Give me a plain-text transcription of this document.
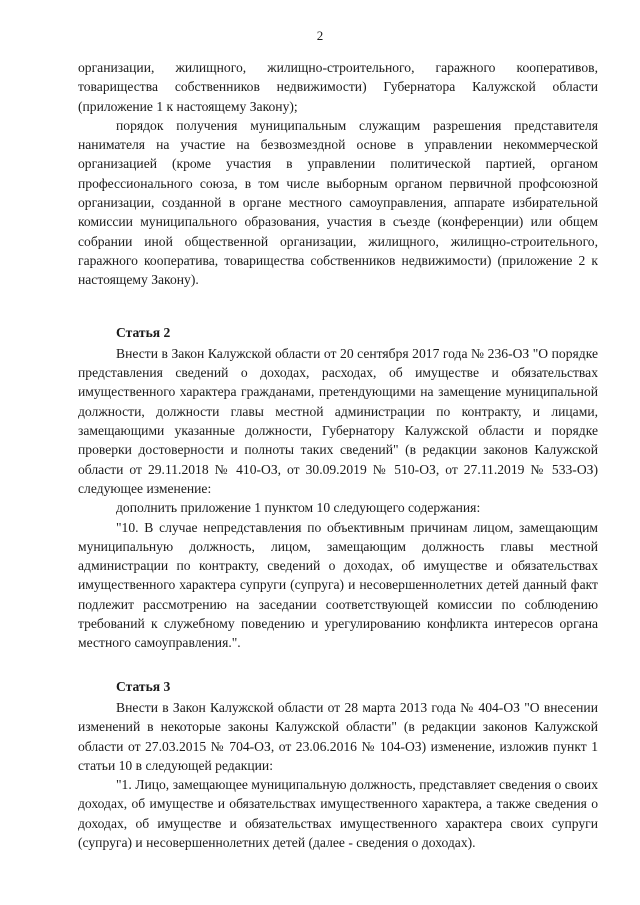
2

организации, жилищного, жилищно-строительного, гаражного кооперативов, товарищества собственников недвижимости) Губернатора Калужской области (приложение 1 к настоящему Закону);

порядок получения муниципальным служащим разрешения представителя нанимателя на участие на безвозмездной основе в управлении некоммерческой организацией (кроме участия в управлении политической партией, органом профессионального союза, в том числе выборным органом первичной профсоюзной организации, созданной в органе местного самоуправления, аппарате избирательной комиссии муниципального образования, участия в съезде (конференции) или общем собрании иной общественной организации, жилищного, жилищно-строительного, гаражного кооператива, товарищества собственников недвижимости) (приложение 2 к настоящему Закону).

Статья 2

Внести в Закон Калужской области от 20 сентября 2017 года № 236-ОЗ "О порядке представления сведений о доходах, расходах, об имуществе и обязательствах имущественного характера гражданами, претендующими на замещение муниципальной должности, должности главы местной администрации по контракту, и лицами, замещающими указанные должности, Губернатору Калужской области и порядке проверки достоверности и полноты таких сведений" (в редакции законов Калужской области от 29.11.2018 № 410-ОЗ, от 30.09.2019 № 510-ОЗ, от 27.11.2019 № 533-ОЗ) следующее изменение:

дополнить приложение 1 пунктом 10 следующего содержания:

"10. В случае непредставления по объективным причинам лицом, замещающим муниципальную должность, лицом, замещающим должность главы местной администрации по контракту, сведений о доходах, об имуществе и обязательствах имущественного характера супруги (супруга) и несовершеннолетних детей данный факт подлежит рассмотрению на заседании соответствующей комиссии по соблюдению требований к служебному поведению и урегулированию конфликта интересов органа местного самоуправления.".

Статья 3

Внести в Закон Калужской области от 28 марта 2013 года № 404-ОЗ "О внесении изменений в некоторые законы Калужской области" (в редакции законов Калужской области от 27.03.2015 № 704-ОЗ, от 23.06.2016 № 104-ОЗ) изменение, изложив пункт 1 статьи 10 в следующей редакции:

"1. Лицо, замещающее муниципальную должность, представляет сведения о своих доходах, об имуществе и обязательствах имущественного характера, а также сведения о доходах, об имуществе и обязательствах имущественного характера своих супруги (супруга) и несовершеннолетних детей (далее - сведения о доходах).
